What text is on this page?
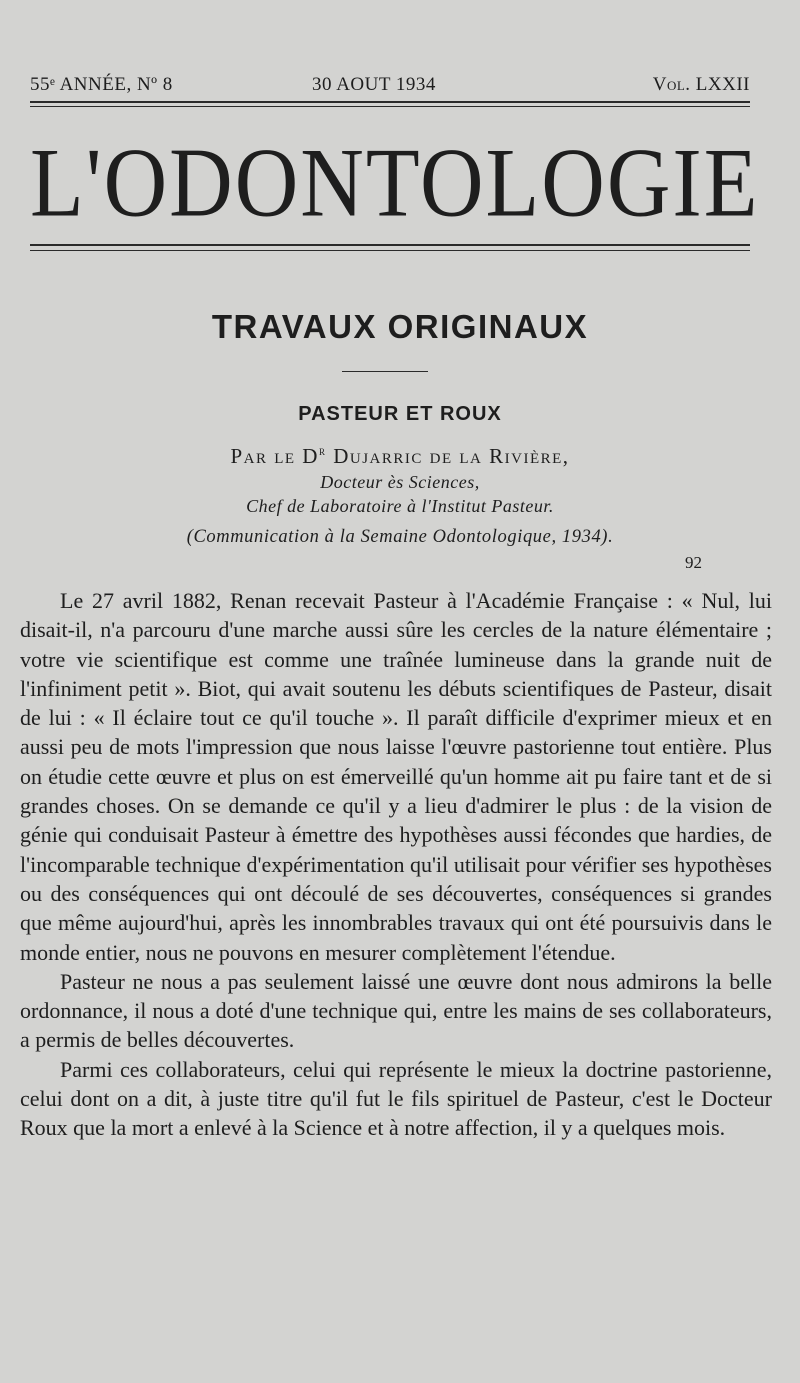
55ᵉ ANNÉE, Nº 8	30 AOUT 1934	Vol. LXXII
L'ODONTOLOGIE
TRAVAUX ORIGINAUX
PASTEUR ET ROUX
Par le $D^r$ Dujarric de la Rivière,
Docteur ès Sciences,
Chef de Laboratoire à l'Institut Pasteur.
(Communication à la Semaine Odontologique, 1934).
92

Le 27 avril 1882, Renan recevait Pasteur à l'Académie Française : « Nul, lui disait-il, n'a parcouru d'une marche aussi sûre les cercles de la nature élémentaire ; votre vie scientifique est comme une traînée lumineuse dans la grande nuit de l'infiniment petit ». Biot, qui avait soutenu les débuts scientifiques de Pasteur, disait de lui : « Il éclaire tout ce qu'il touche ». Il paraît difficile d'exprimer mieux et en aussi peu de mots l'impression que nous laisse l'œuvre pastorienne tout entière. Plus on étudie cette œuvre et plus on est émerveillé qu'un homme ait pu faire tant et de si grandes choses. On se demande ce qu'il y a lieu d'admirer le plus : de la vision de génie qui conduisait Pasteur à émettre des hypothèses aussi fécondes que hardies, de l'incomparable technique d'expérimentation qu'il utilisait pour vérifier ses hypothèses ou des conséquences qui ont découlé de ses découvertes, conséquences si grandes que même aujourd'hui, après les innombrables travaux qui ont été poursuivis dans le monde entier, nous ne pouvons en mesurer complètement l'étendue.

Pasteur ne nous a pas seulement laissé une œuvre dont nous admirons la belle ordonnance, il nous a doté d'une technique qui, entre les mains de ses collaborateurs, a permis de belles découvertes.

Parmi ces collaborateurs, celui qui représente le mieux la doctrine pastorienne, celui dont on a dit, à juste titre qu'il fut le fils spirituel de Pasteur, c'est le Docteur Roux que la mort a enlevé à la Science et à notre affection, il y a quelques mois.
